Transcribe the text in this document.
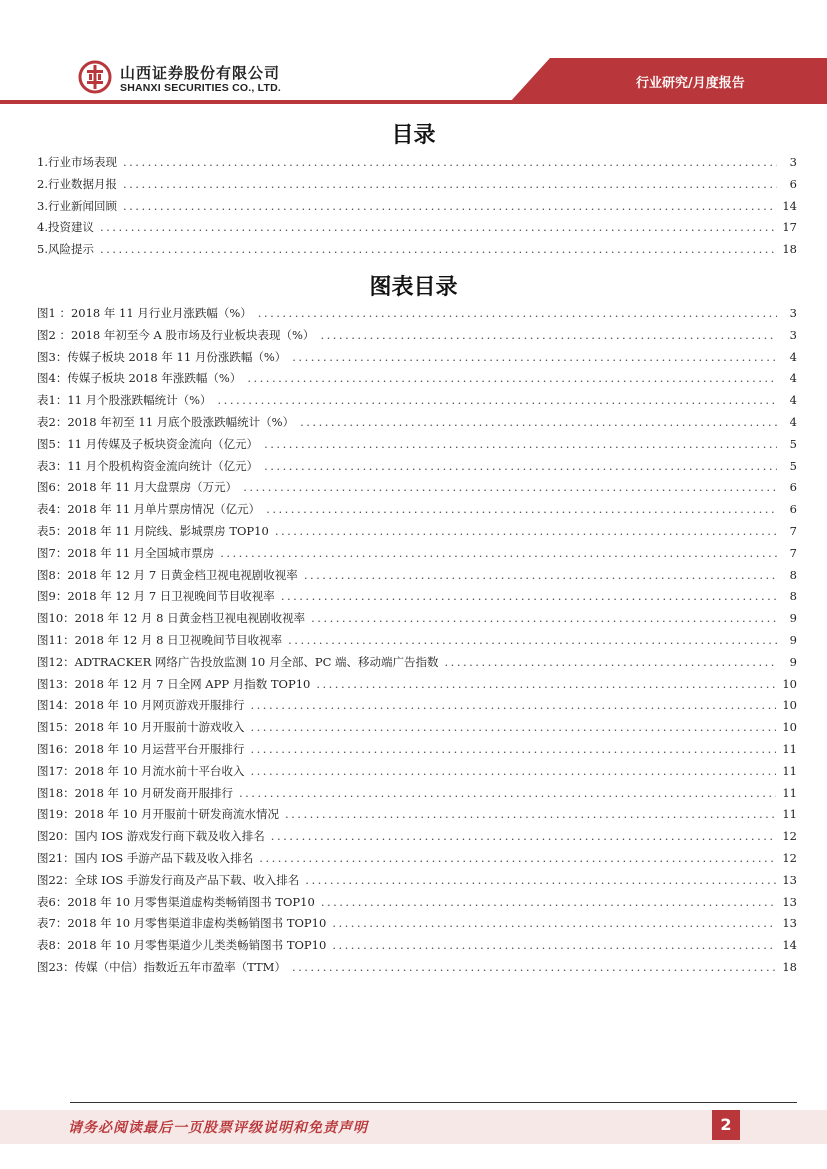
山西证券股份有限公司
SHANXI SECURITIES CO., LTD.	行业研究/月度报告
目录
1.行业市场表现 .....	3
2.行业数据月报 .....	6
3.行业新闻回顾 .....	14
4.投资建议 .....	17
5.风险提示 .....	18
图表目录
图1 ：2018 年 11 月行业月涨跌幅（%） .....	3
图2 ：2018 年初至今 A 股市场及行业板块表现（%） .....	3
图3：传媒子板块 2018 年 11 月份涨跌幅（%） .....	4
图4：传媒子板块 2018 年涨跌幅（%） .....	4
表1：11 月个股涨跌幅统计（%） .....	4
表2：2018 年初至 11 月底个股涨跌幅统计（%） .....	4
图5：11 月传媒及子板块资金流向（亿元） .....	5
表3：11 月个股机构资金流向统计（亿元） .....	5
图6：2018 年 11 月大盘票房（万元） .....	6
表4：2018 年 11 月单片票房情况（亿元） .....	6
表5：2018 年 11 月院线、影城票房 TOP10 .....	7
图7：2018 年 11 月全国城市票房 .....	7
图8：2018 年 12 月 7 日黄金档卫视电视剧收视率 .....	8
图9：2018 年 12 月 7 日卫视晚间节目收视率 .....	8
图10：2018 年 12 月 8 日黄金档卫视电视剧收视率 .....	9
图11：2018 年 12 月 8 日卫视晚间节目收视率 .....	9
图12：ADTRACKER 网络广告投放监测 10 月全部、PC 端、移动端广告指数 .....	9
图13：2018 年 12 月 7 日全网 APP 月指数 TOP10 .....	10
图14：2018 年 10 月网页游戏开服排行 .....	10
图15：2018 年 10 月开服前十游戏收入 .....	10
图16：2018 年 10 月运营平台开服排行 .....	11
图17：2018 年 10 月流水前十平台收入 .....	11
图18：2018 年 10 月研发商开服排行 .....	11
图19：2018 年 10 月开服前十研发商流水情况 .....	11
图20：国内 IOS 游戏发行商下载及收入排名 .....	12
图21：国内 IOS 手游产品下载及收入排名 .....	12
图22：全球 IOS 手游发行商及产品下载、收入排名 .....	13
表6：2018 年 10 月零售渠道虚构类畅销图书 TOP10 .....	13
表7：2018 年 10 月零售渠道非虚构类畅销图书 TOP10 .....	13
表8：2018 年 10 月零售渠道少儿类类畅销图书 TOP10 .....	14
图23：传媒（中信）指数近五年市盈率（TTM） .....	18
请务必阅读最后一页股票评级说明和免责声明	2
